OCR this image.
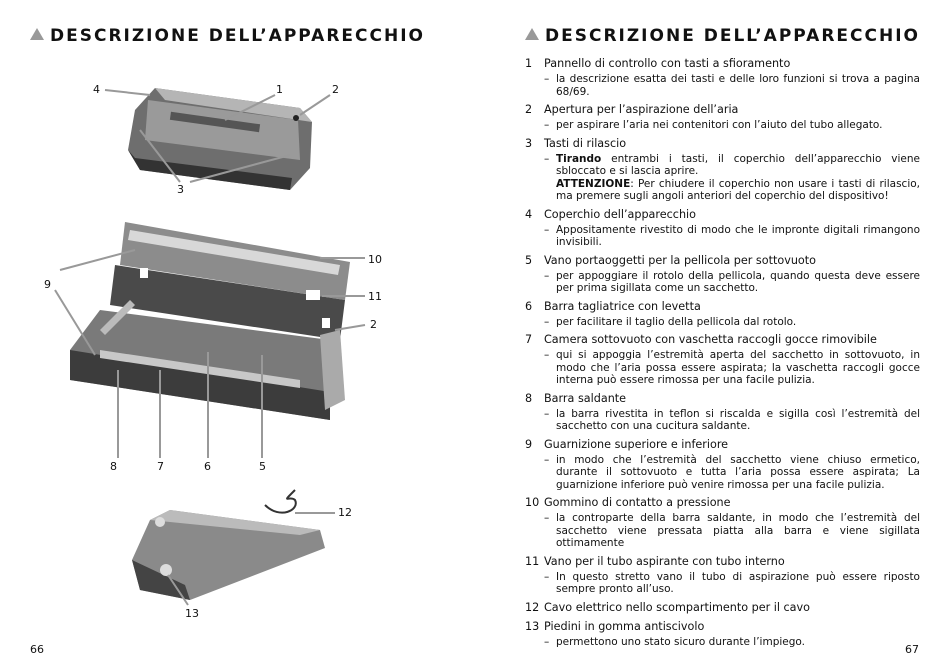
DESCRIZIONE DELL’APPARECCHIO
4	1	2
3
9
10
11
2
8	7	6	5
12
13
66
DESCRIZIONE DELL’APPARECCHIO
1	Pannello di controllo con tasti a sfioramento
– la descrizione esatta dei tasti e delle loro funzioni si trova a pagina 68/69.
2	Apertura per l’aspirazione dell’aria
– per aspirare l’aria nei contenitori con l’aiuto del tubo allegato.
3	Tasti di rilascio
– Tirando entrambi i tasti, il coperchio dell’apparecchio viene sbloccato e si lascia aprire.
ATTENZIONE: Per chiudere il coperchio non usare i tasti di rilascio, ma premere sugli angoli anteriori del coperchio del dispositivo!
4	Coperchio dell’apparecchio
– Appositamente rivestito di modo che le impronte digitali rimangono invisibili.
5	Vano portaoggetti per la pellicola per sottovuoto
– per appoggiare il rotolo della pellicola, quando questa deve essere per prima sigillata come un sacchetto.
6	Barra tagliatrice con levetta
– per facilitare il taglio della pellicola dal rotolo.
7	Camera sottovuoto con vaschetta raccogli gocce rimovibile
– qui si appoggia l’estremità aperta del sacchetto in sottovuoto, in modo che l’aria possa essere aspirata; la vaschetta raccogli gocce interna può essere rimossa per una facile pulizia.
8	Barra saldante
– la barra rivestita in teflon si riscalda e sigilla così l’estremità del sacchetto con una cucitura saldante.
9	Guarnizione superiore e inferiore
– in modo che l’estremità del sacchetto viene chiuso ermetico, durante il sottovuoto e tutta l’aria possa essere aspirata; La guarnizione inferiore può venire rimossa per una facile pulizia.
10 Gommino di contatto a pressione
– la controparte della barra saldante, in modo che l’estremità del sacchetto viene pressata piatta alla barra e viene sigillata ottimamente
11 Vano per il tubo aspirante con tubo interno
– In questo stretto vano il tubo di aspirazione può essere riposto sempre pronto all’uso.
12 Cavo elettrico nello scompartimento per il cavo
13 Piedini in gomma antiscivolo
– permettono uno stato sicuro durante l’impiego.
67
